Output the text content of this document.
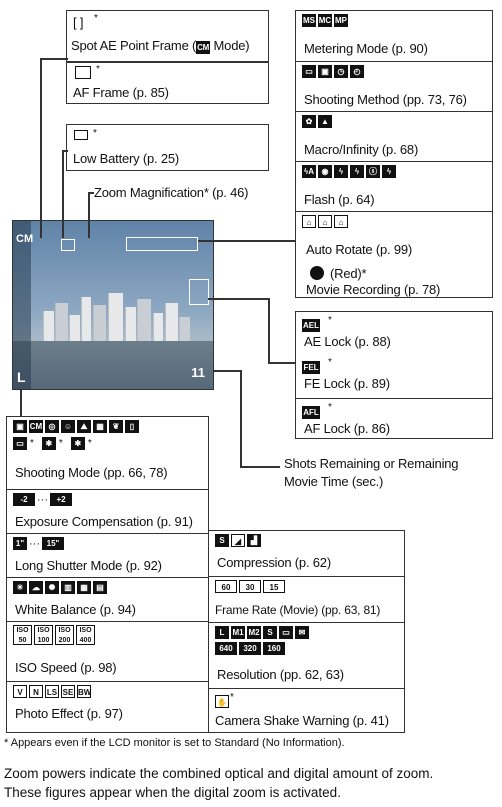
[ ] *
Spot AE Point Frame (CM Mode)
*
AF Frame (p. 85)
*
Low Battery (p. 25)
Zoom Magnification* (p. 46)
MS MC MP
Metering Mode (p. 90)
▭	▣	◷	◴
Shooting Method (pp. 73, 76)
✿	▲
Macro/Infinity (p. 68)
ϟA ◉	ϟ	ϟ	ⓢ	ϟ
Flash (p. 64)
⌂	⌂	⌂
Auto Rotate (p. 99)
(Red)*
Movie Recording (p. 78)
AEL *
AE Lock (p. 88)
FEL *
FE Lock (p. 89)
AFL *
AF Lock (p. 86)
Shots Remaining or Remaining
Movie Time (sec.)
CM
L	11
▣ CM ◎	☺	⛰	▦	❦	▯
▭ *	✱ *	✱ *
Shooting Mode (pp. 66, 78)
-2 ···	+2
Exposure Compensation (p. 91)
1" ··· 15"
Long Shutter Mode (p. 92)
☀	☁	✺	▥	▦	▤
White Balance (p. 94)
ISO 50
ISO 100
ISO 200
ISO 400
ISO Speed (p. 98)
V	N LS SE BW
Photo Effect (p. 97)
S	◢	▟
Compression (p. 62)
60	30	15
Frame Rate (Movie) (pp. 63, 81)
L	M1 M2 S	▭	✉
640	320	160
Resolution (pp. 62, 63)
✋ *
Camera Shake Warning (p. 41)
* Appears even if the LCD monitor is set to Standard (No Information).
Zoom powers indicate the combined optical and digital amount of zoom.
These figures appear when the digital zoom is activated.
